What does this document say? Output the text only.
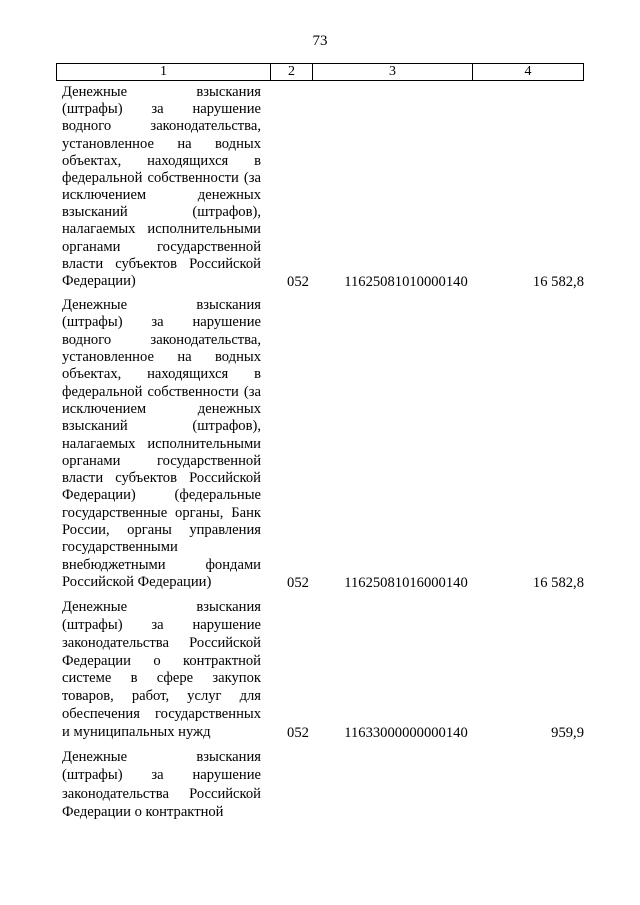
73
1	2	3	4
Денежные взыскания
(штрафы) за нарушение
водного законодательства,
установленное на водных
объектах, находящихся в
федеральной собственности (за
исключением денежных
взысканий (штрафов),
налагаемых исполнительными
органами государственной
власти субъектов Российской
Федерации)	052	11625081010000140	16 582,8
Денежные взыскания
(штрафы) за нарушение
водного законодательства,
установленное на водных
объектах, находящихся в
федеральной собственности (за
исключением денежных
взысканий (штрафов),
налагаемых исполнительными
органами государственной
власти субъектов Российской
Федерации) (федеральные
государственные органы, Банк
России, органы управления
государственными
внебюджетными фондами
Российской Федерации)	052	11625081016000140	16 582,8
Денежные взыскания
(штрафы) за нарушение
законодательства Российской
Федерации о контрактной
системе в сфере закупок
товаров, работ, услуг для
обеспечения государственных
и муниципальных нужд	052	11633000000000140	959,9
Денежные взыскания
(штрафы) за нарушение
законодательства Российской
Федерации о контрактной
